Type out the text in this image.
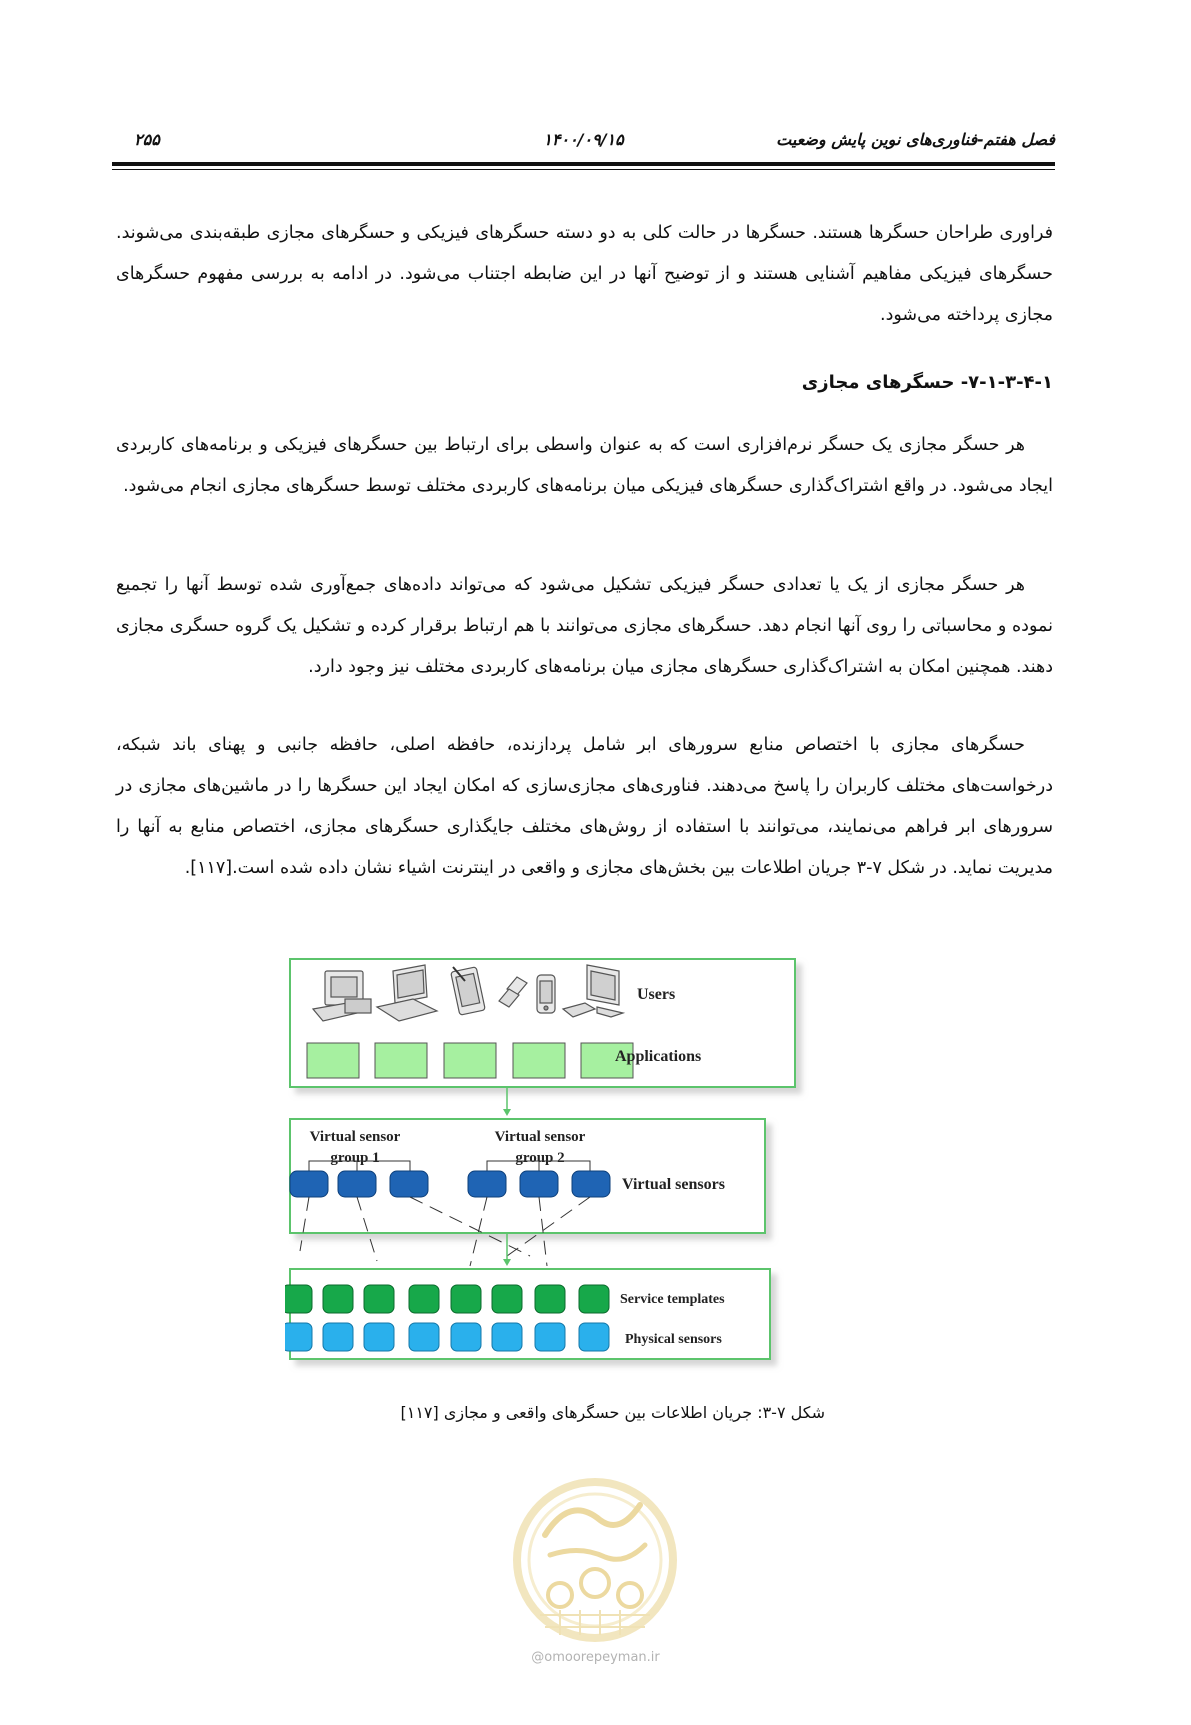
۲۵۵	۱۴۰۰/۰۹/۱۵	فصل هفتم-فناوری‌های نوین پایش وضعیت

فراوری طراحان حسگرها هستند. حسگرها در حالت کلی به دو دسته حسگرهای فیزیکی و حسگرهای مجازی طبقه‌بندی می‌شوند. حسگرهای فیزیکی مفاهیم آشنایی هستند و از توضیح آنها در این ضابطه اجتناب می‌شود. در ادامه به بررسی مفهوم حسگرهای مجازی پرداخته می‌شود.

۷-۱-۳-۴-۱- حسگرهای مجازی

هر حسگر مجازی یک حسگر نرم‌افزاری است که به عنوان واسطی برای ارتباط بین حسگرهای فیزیکی و برنامه‌های کاربردی ایجاد می‌شود. در واقع اشتراک‌گذاری حسگرهای فیزیکی میان برنامه‌های کاربردی مختلف توسط حسگرهای مجازی انجام می‌شود.

هر حسگر مجازی از یک یا تعدادی حسگر فیزیکی تشکیل می‌شود که می‌تواند داده‌های جمع‌آوری شده توسط آنها را تجمیع نموده و محاسباتی را روی آنها انجام دهد. حسگرهای مجازی می‌توانند با هم ارتباط برقرار کرده و تشکیل یک گروه حسگری مجازی دهند. همچنین امکان به اشتراک‌گذاری حسگرهای مجازی میان برنامه‌های کاربردی مختلف نیز وجود دارد.

حسگرهای مجازی با اختصاص منابع سرورهای ابر شامل پردازنده، حافظه اصلی، حافظه جانبی و پهنای باند شبکه، درخواست‌های مختلف کاربران را پاسخ می‌دهند. فناوری‌های مجازی‌سازی که امکان ایجاد این حسگرها را در ماشین‌های مجازی در سرورهای ابر فراهم می‌نمایند، می‌توانند با استفاده از روش‌های مختلف جایگذاری حسگرهای مجازی، اختصاص منابع به آنها را مدیریت نماید. در شکل ۷-۳ جریان اطلاعات بین بخش‌های مجازی و واقعی در اینترنت اشیاء نشان داده شده است.[۱۱۷].

Users
Applications
Virtual sensor
group 1
Virtual sensor
group 2
Virtual sensors
Service templates
Physical sensors
شکل ۷-۳: جریان اطلاعات بین حسگرهای واقعی و مجازی [۱۱۷]
@omoorepeyman.ir
